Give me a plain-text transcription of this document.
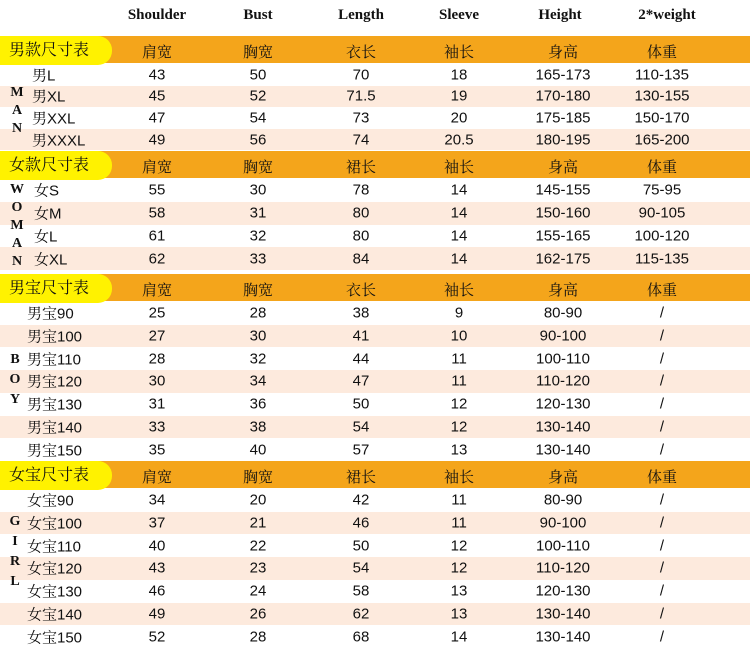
Shoulder	Bust	Length	Sleeve	Height	2*weight
男款尺寸表	肩宽	胸宽	衣长	袖长	身高	体重
男L	43	50	70	18	165-173	110-135
男XL	45	52	71.5	19	170-180	130-155
男XXL	47	54	73	20	175-185	150-170
男XXXL	49	56	74	20.5	180-195	165-200
M
A
N
女款尺寸表	肩宽	胸宽	裙长	袖长	身高	体重
女S	55	30	78	14	145-155	75-95
女M	58	31	80	14	150-160	90-105
女L	61	32	80	14	155-165	100-120
女XL	62	33	84	14	162-175	115-135
W
O
M
A
N
男宝尺寸表	肩宽	胸宽	衣长	袖长	身高	体重
男宝90	25	28	38	9	80-90	/
男宝100	27	30	41	10	90-100	/
男宝110	28	32	44	11	100-110	/
男宝120	30	34	47	11	110-120	/
男宝130	31	36	50	12	120-130	/
男宝140	33	38	54	12	130-140	/
男宝150	35	40	57	13	130-140	/
B
O
Y
女宝尺寸表	肩宽	胸宽	裙长	袖长	身高	体重
女宝90	34	20	42	11	80-90	/
女宝100	37	21	46	11	90-100	/
女宝110	40	22	50	12	100-110	/
女宝120	43	23	54	12	110-120	/
女宝130	46	24	58	13	120-130	/
女宝140	49	26	62	13	130-140	/
女宝150	52	28	68	14	130-140	/
G
I
R
L
